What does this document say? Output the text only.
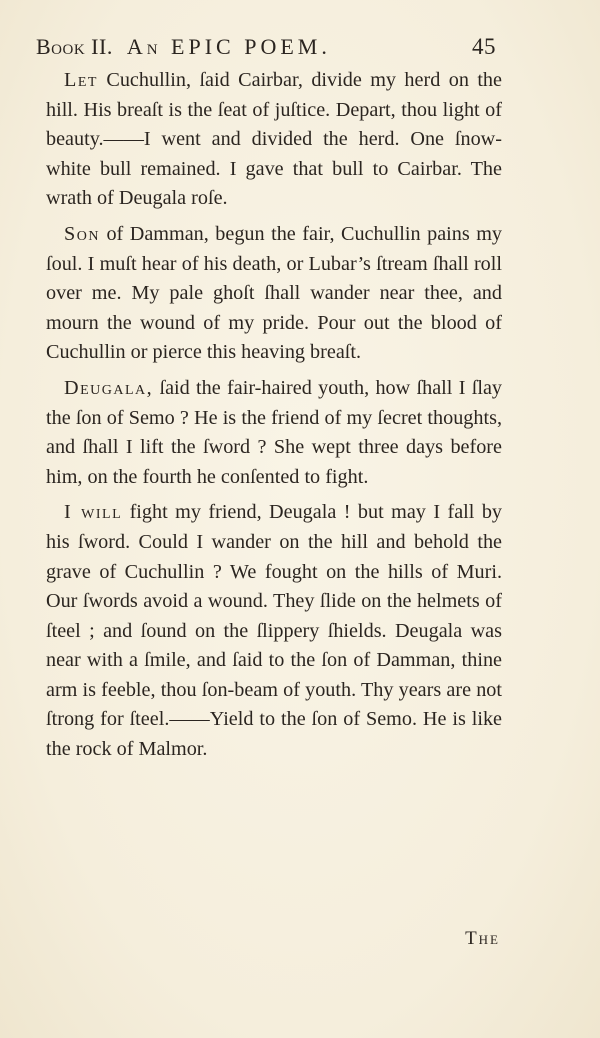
Book II. An EPIC POEM.	45

Let Cuchullin, ſaid Cairbar, divide my herd on the hill. His breaſt is the ſeat of juſtice. Depart, thou light of beauty.——I went and divided the herd. One ſnow-white bull remained. I gave that bull to Cairbar. The wrath of Deugala roſe.

Son of Damman, begun the fair, Cuchullin pains my ſoul. I muſt hear of his death, or Lubar’s ſtream ſhall roll over me. My pale ghoſt ſhall wander near thee, and mourn the wound of my pride. Pour out the blood of Cuchullin or pierce this heaving breaſt.

Deugala, ſaid the fair-haired youth, how ſhall I ſlay the ſon of Semo ? He is the friend of my ſecret thoughts, and ſhall I lift the ſword ? She wept three days before him, on the fourth he conſented to fight.

I will fight my friend, Deugala ! but may I fall by his ſword. Could I wander on the hill and behold the grave of Cuchullin ? We fought on the hills of Muri. Our ſwords avoid a wound. They ſlide on the helmets of ſteel ; and ſound on the ſlippery ſhields. Deugala was near with a ſmile, and ſaid to the ſon of Damman, thine arm is feeble, thou ſon-beam of youth. Thy years are not ſtrong for ſteel.——Yield to the ſon of Semo. He is like the rock of Malmor.

The
